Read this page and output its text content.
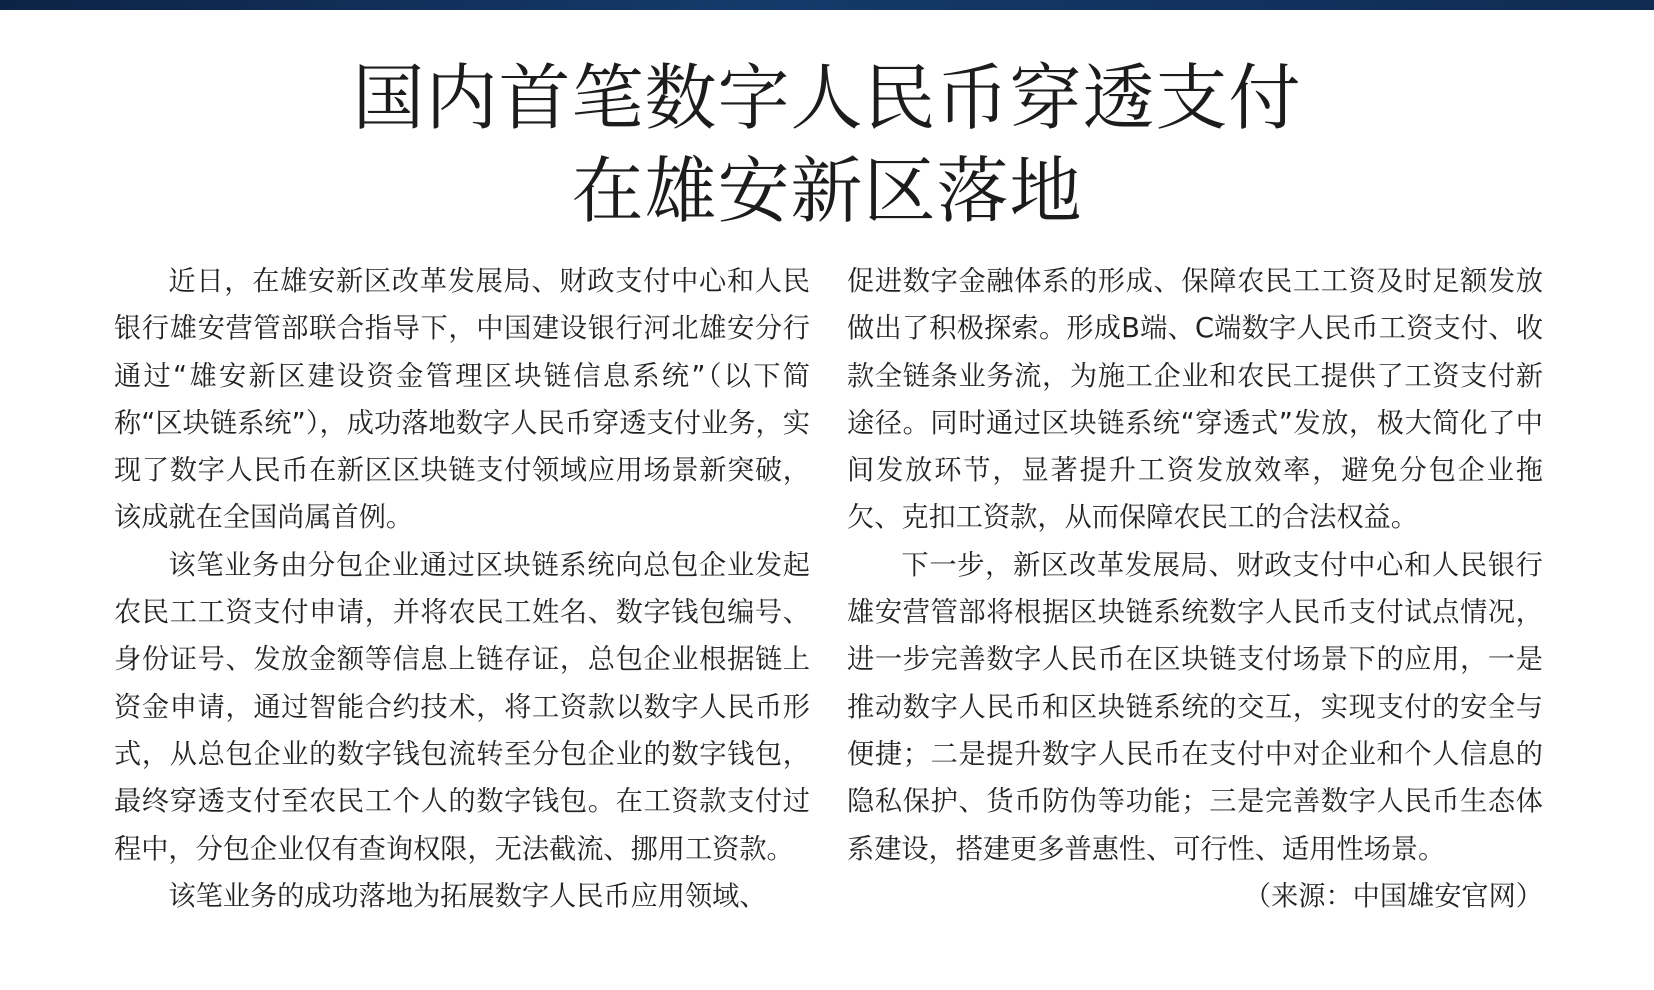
国内首笔数字人民币穿透支付
在雄安新区落地

近日，在雄安新区改革发展局、财政支付中心和人民银行雄安营管部联合指导下，中国建设银行河北雄安分行通过“雄安新区建设资金管理区块链信息系统”（以下简称“区块链系统”），成功落地数字人民币穿透支付业务，实现了数字人民币在新区区块链支付领域应用场景新突破，该成就在全国尚属首例。

该笔业务由分包企业通过区块链系统向总包企业发起农民工工资支付申请，并将农民工姓名、数字钱包编号、身份证号、发放金额等信息上链存证，总包企业根据链上资金申请，通过智能合约技术，将工资款以数字人民币形式，从总包企业的数字钱包流转至分包企业的数字钱包，最终穿透支付至农民工个人的数字钱包。在工资款支付过程中，分包企业仅有查询权限，无法截流、挪用工资款。

该笔业务的成功落地为拓展数字人民币应用领域、

促进数字金融体系的形成、保障农民工工资及时足额发放做出了积极探索。形成B端、C端数字人民币工资支付、收款全链条业务流，为施工企业和农民工提供了工资支付新途径。同时通过区块链系统“穿透式”发放，极大简化了中间发放环节，显著提升工资发放效率，避免分包企业拖欠、克扣工资款，从而保障农民工的合法权益。

下一步，新区改革发展局、财政支付中心和人民银行雄安营管部将根据区块链系统数字人民币支付试点情况，进一步完善数字人民币在区块链支付场景下的应用，一是推动数字人民币和区块链系统的交互，实现支付的安全与便捷；二是提升数字人民币在支付中对企业和个人信息的隐私保护、货币防伪等功能；三是完善数字人民币生态体系建设，搭建更多普惠性、可行性、适用性场景。

（来源：中国雄安官网）
